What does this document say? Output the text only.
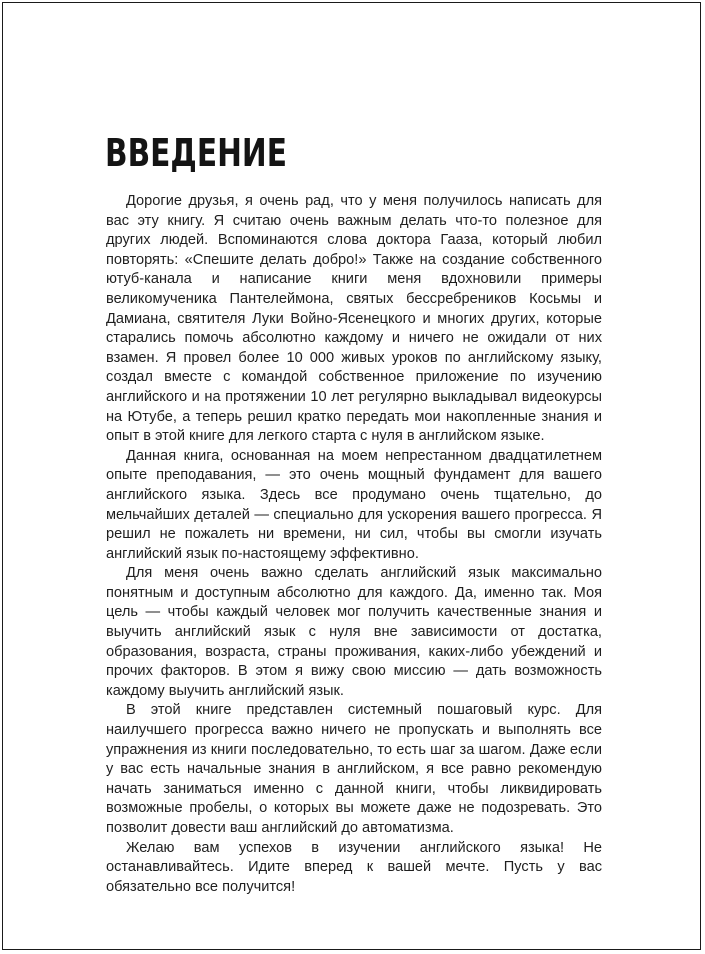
ВВЕДЕНИЕ

Дорогие друзья, я очень рад, что у меня получилось написать для вас эту книгу. Я считаю очень важным делать что-то полезное для других людей. Вспоминаются слова доктора Гааза, который любил повторять: «Спешите делать добро!» Также на создание собственного ютуб-канала и написание книги меня вдохновили примеры великомученика Пантелеймона, святых бессребреников Косьмы и Дамиана, святителя Луки Войно-Ясенецкого и многих других, которые старались помочь абсолютно каждому и ничего не ожидали от них взамен. Я провел более 10 000 живых уроков по английскому языку, создал вместе с командой собственное приложение по изучению английского и на протяжении 10 лет регулярно выкладывал видеокурсы на Ютубе, а теперь решил кратко передать мои накопленные знания и опыт в этой книге для легкого старта с нуля в английском языке.

Данная книга, основанная на моем непрестанном двадцатилетнем опыте преподавания, — это очень мощный фундамент для вашего английского языка. Здесь все продумано очень тщательно, до мельчайших деталей — специально для ускорения вашего прогресса. Я решил не пожалеть ни времени, ни сил, чтобы вы смогли изучать английский язык по-настоящему эффективно.

Для меня очень важно сделать английский язык максимально понятным и доступным абсолютно для каждого. Да, именно так. Моя цель — чтобы каждый человек мог получить качественные знания и выучить английский язык с нуля вне зависимости от достатка, образования, возраста, страны проживания, каких-либо убеждений и прочих факторов. В этом я вижу свою миссию — дать возможность каждому выучить английский язык.

В этой книге представлен системный пошаговый курс. Для наилучшего прогресса важно ничего не пропускать и выполнять все упражнения из книги последовательно, то есть шаг за шагом. Даже если у вас есть начальные знания в английском, я все равно рекомендую начать заниматься именно с данной книги, чтобы ликвидировать возможные пробелы, о которых вы можете даже не подозревать. Это позволит довести ваш английский до автоматизма.

Желаю вам успехов в изучении английского языка! Не останавливайтесь. Идите вперед к вашей мечте. Пусть у вас обязательно все получится!
